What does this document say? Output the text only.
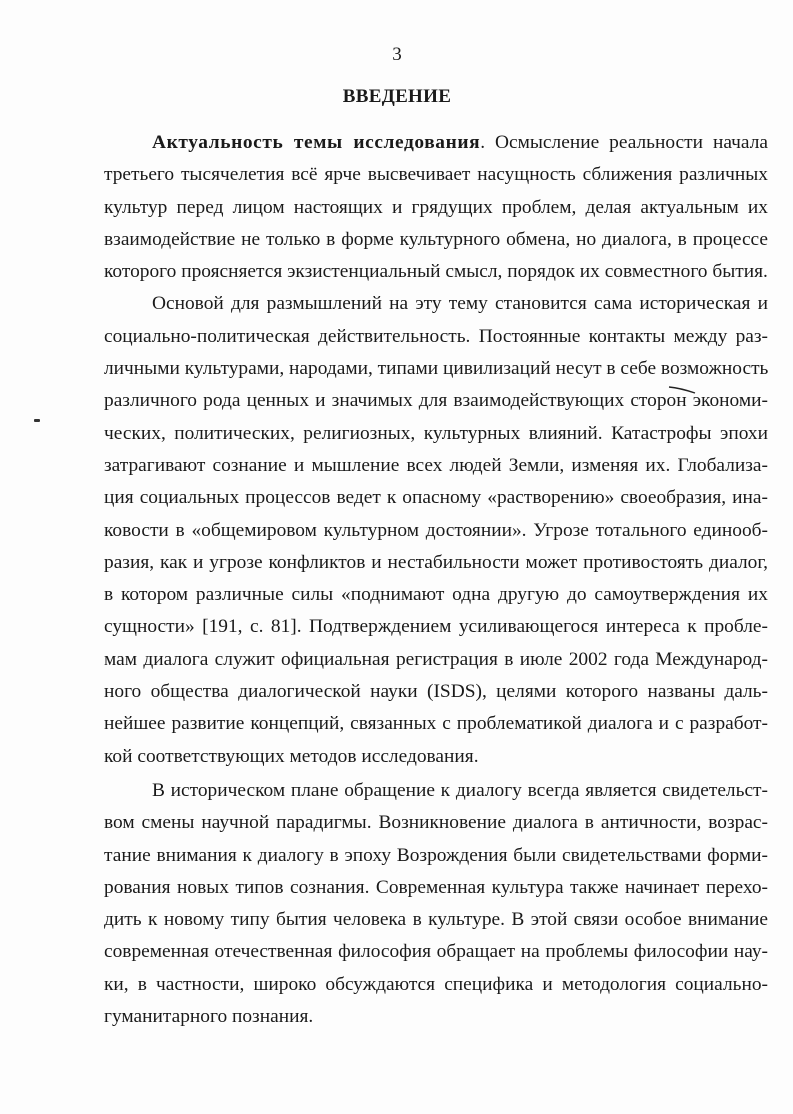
3
ВВЕДЕНИЕ
Актуальность темы исследования. Осмысление реальности начала
третьего тысячелетия всё ярче высвечивает насущность сближения различных
культур перед лицом настоящих и грядущих проблем, делая актуальным их
взаимодействие не только в форме культурного обмена, но диалога, в процессе
которого проясняется экзистенциальный смысл, порядок их совместного бытия.
Основой для размышлений на эту тему становится сама историческая и
социально-политическая действительность. Постоянные контакты между раз-
личными культурами, народами, типами цивилизаций несут в себе возможность
различного рода ценных и значимых для взаимодействующих сторон экономи-
ческих, политических, религиозных, культурных влияний. Катастрофы эпохи
затрагивают сознание и мышление всех людей Земли, изменяя их. Глобализа-
ция социальных процессов ведет к опасному «растворению» своеобразия, ина-
ковости в «общемировом культурном достоянии». Угрозе тотального единооб-
разия, как и угрозе конфликтов и нестабильности может противостоять диалог,
в котором различные силы «поднимают одна другую до самоутверждения их
сущности» [191, с. 81]. Подтверждением усиливающегося интереса к пробле-
мам диалога служит официальная регистрация в июле 2002 года Международ-
ного общества диалогической науки (ISDS), целями которого названы даль-
нейшее развитие концепций, связанных с проблематикой диалога и с разработ-
кой соответствующих методов исследования.
В историческом плане обращение к диалогу всегда является свидетельст-
вом смены научной парадигмы. Возникновение диалога в античности, возрас-
тание внимания к диалогу в эпоху Возрождения были свидетельствами форми-
рования новых типов сознания. Современная культура также начинает перехо-
дить к новому типу бытия человека в культуре. В этой связи особое внимание
современная отечественная философия обращает на проблемы философии нау-
ки, в частности, широко обсуждаются специфика и методология социально-
гуманитарного познания.
